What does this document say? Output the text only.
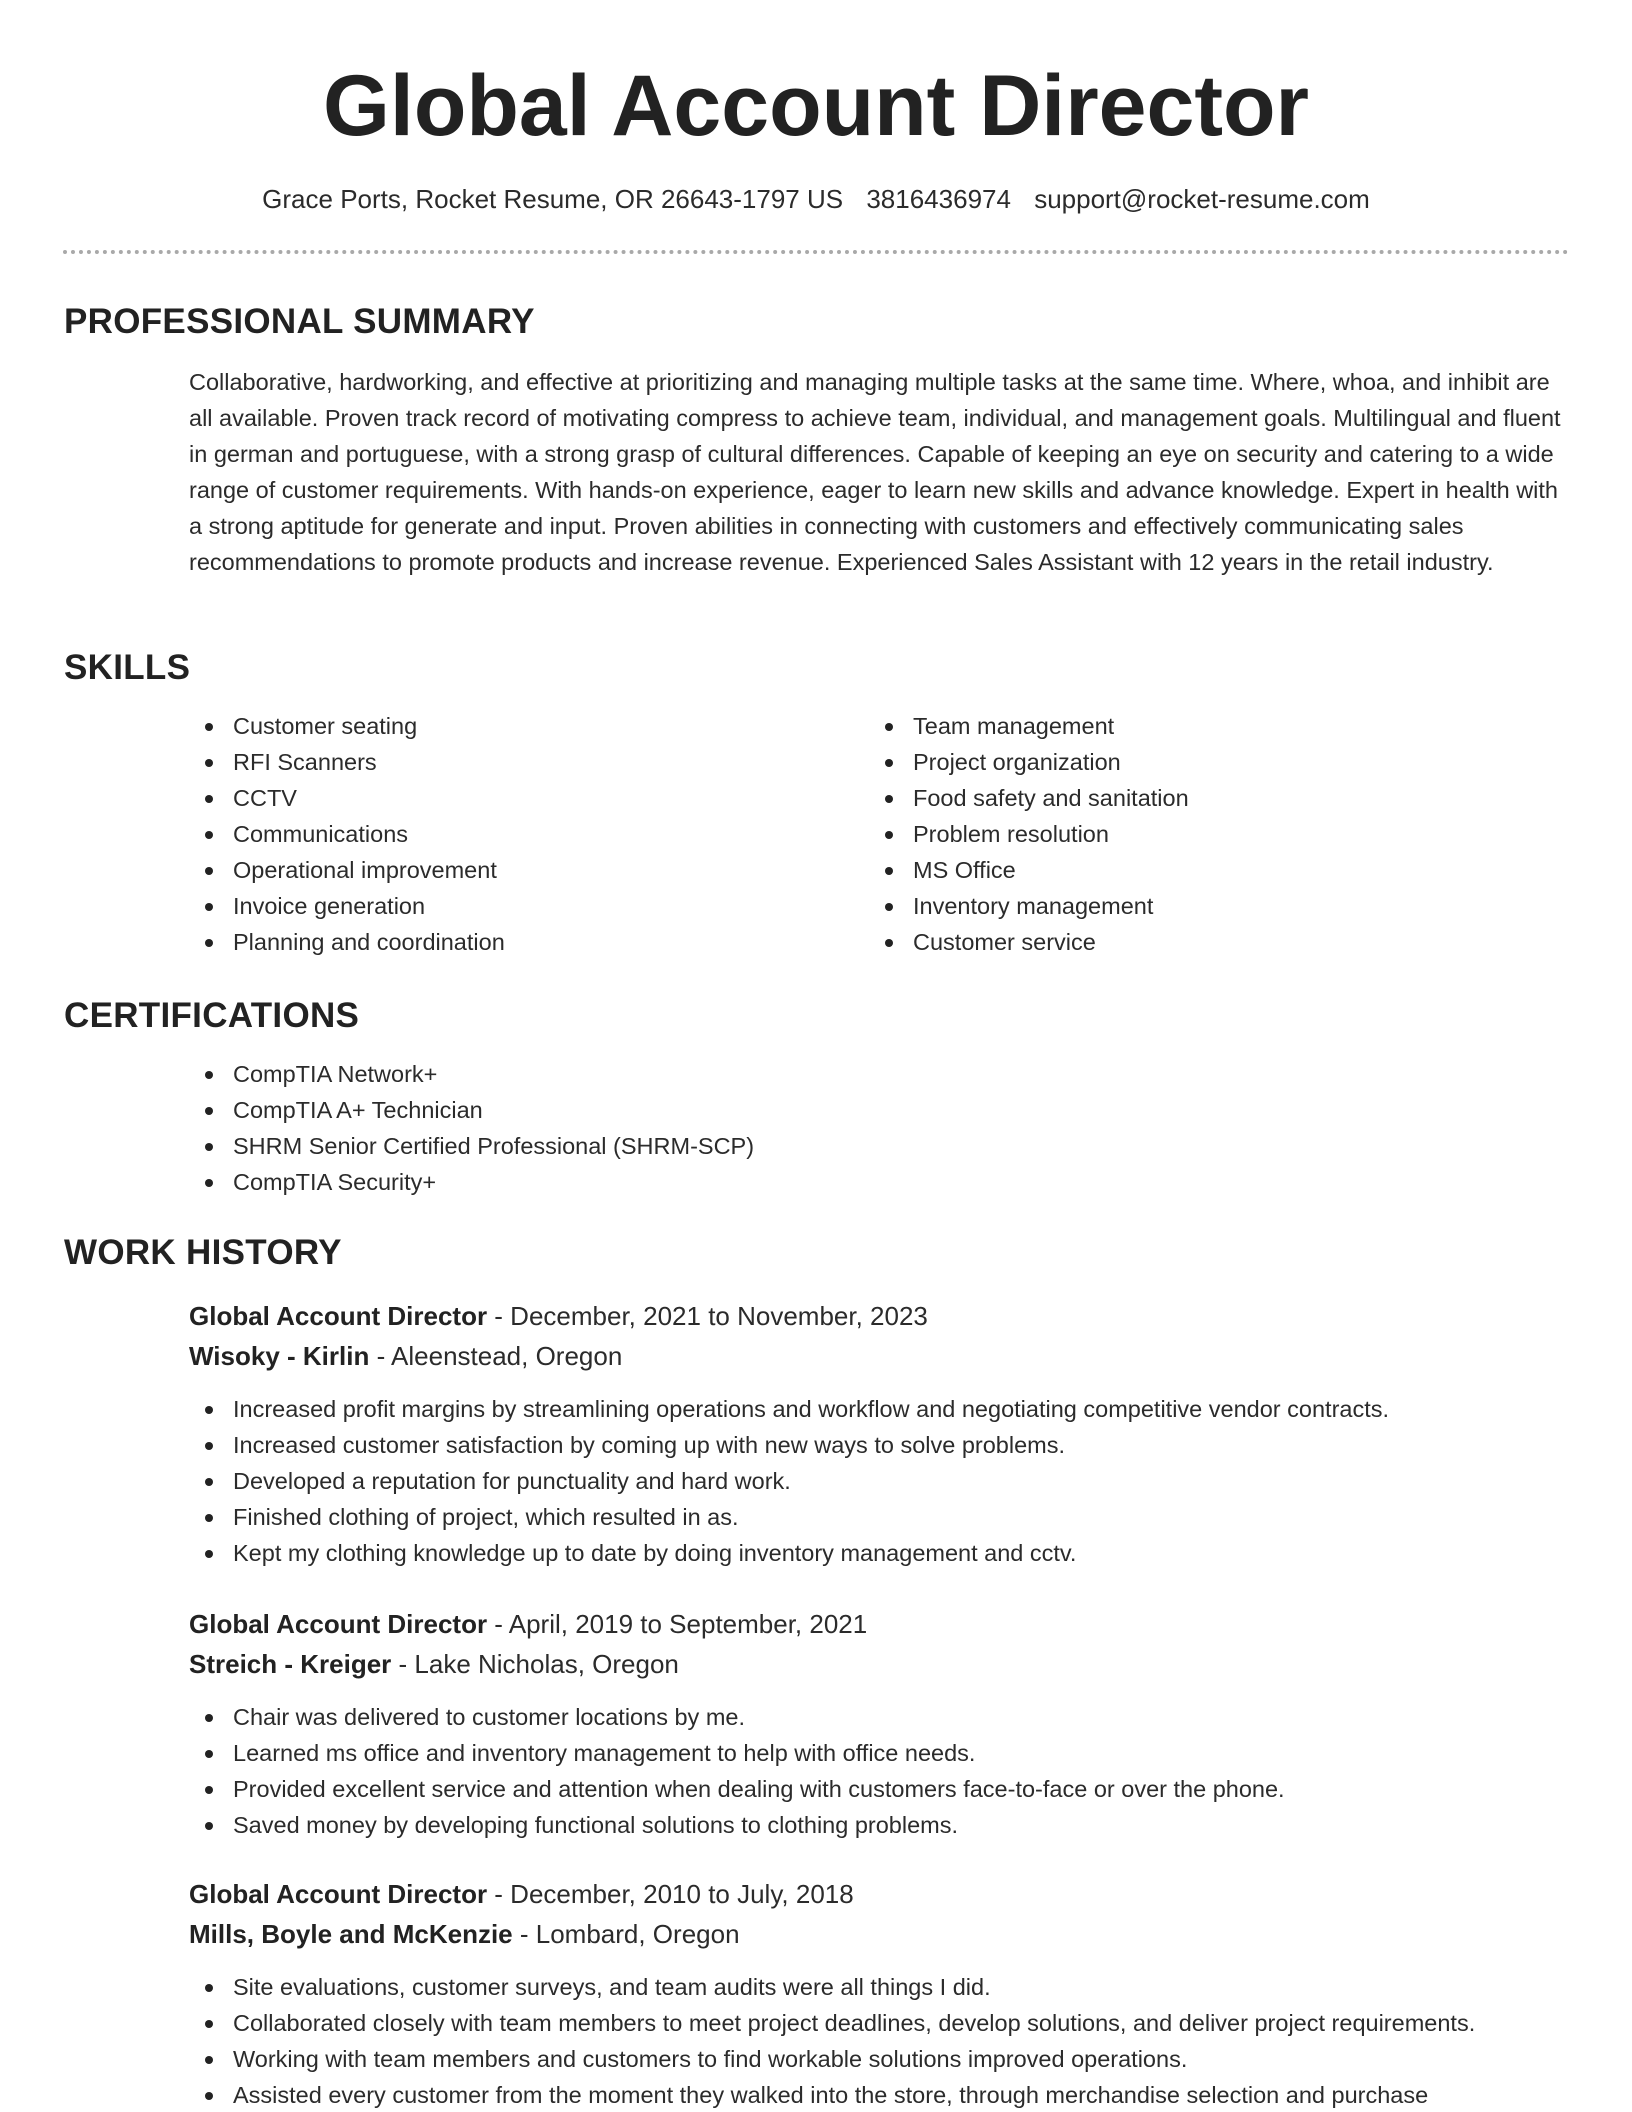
Global Account Director
Grace Ports, Rocket Resume, OR 26643-1797 US 3816436974 support@rocket-resume.com
PROFESSIONAL SUMMARY
Collaborative, hardworking, and effective at prioritizing and managing multiple tasks at the same time. Where, whoa, and inhibit are all available. Proven track record of motivating compress to achieve team, individual, and management goals. Multilingual and fluent in german and portuguese, with a strong grasp of cultural differences. Capable of keeping an eye on security and catering to a wide range of customer requirements. With hands-on experience, eager to learn new skills and advance knowledge. Expert in health with a strong aptitude for generate and input. Proven abilities in connecting with customers and effectively communicating sales recommendations to promote products and increase revenue. Experienced Sales Assistant with 12 years in the retail industry.
SKILLS
Customer seating
RFI Scanners
CCTV
Communications
Operational improvement
Invoice generation
Planning and coordination
Team management
Project organization
Food safety and sanitation
Problem resolution
MS Office
Inventory management
Customer service
CERTIFICATIONS
CompTIA Network+
CompTIA A+ Technician
SHRM Senior Certified Professional (SHRM-SCP)
CompTIA Security+
WORK HISTORY
Global Account Director - December, 2021 to November, 2023
Wisoky - Kirlin - Aleenstead, Oregon
Increased profit margins by streamlining operations and workflow and negotiating competitive vendor contracts.
Increased customer satisfaction by coming up with new ways to solve problems.
Developed a reputation for punctuality and hard work.
Finished clothing of project, which resulted in as.
Kept my clothing knowledge up to date by doing inventory management and cctv.
Global Account Director - April, 2019 to September, 2021
Streich - Kreiger - Lake Nicholas, Oregon
Chair was delivered to customer locations by me.
Learned ms office and inventory management to help with office needs.
Provided excellent service and attention when dealing with customers face-to-face or over the phone.
Saved money by developing functional solutions to clothing problems.
Global Account Director - December, 2010 to July, 2018
Mills, Boyle and McKenzie - Lombard, Oregon
Site evaluations, customer surveys, and team audits were all things I did.
Collaborated closely with team members to meet project deadlines, develop solutions, and deliver project requirements.
Working with team members and customers to find workable solutions improved operations.
Assisted every customer from the moment they walked into the store, through merchandise selection and purchase
